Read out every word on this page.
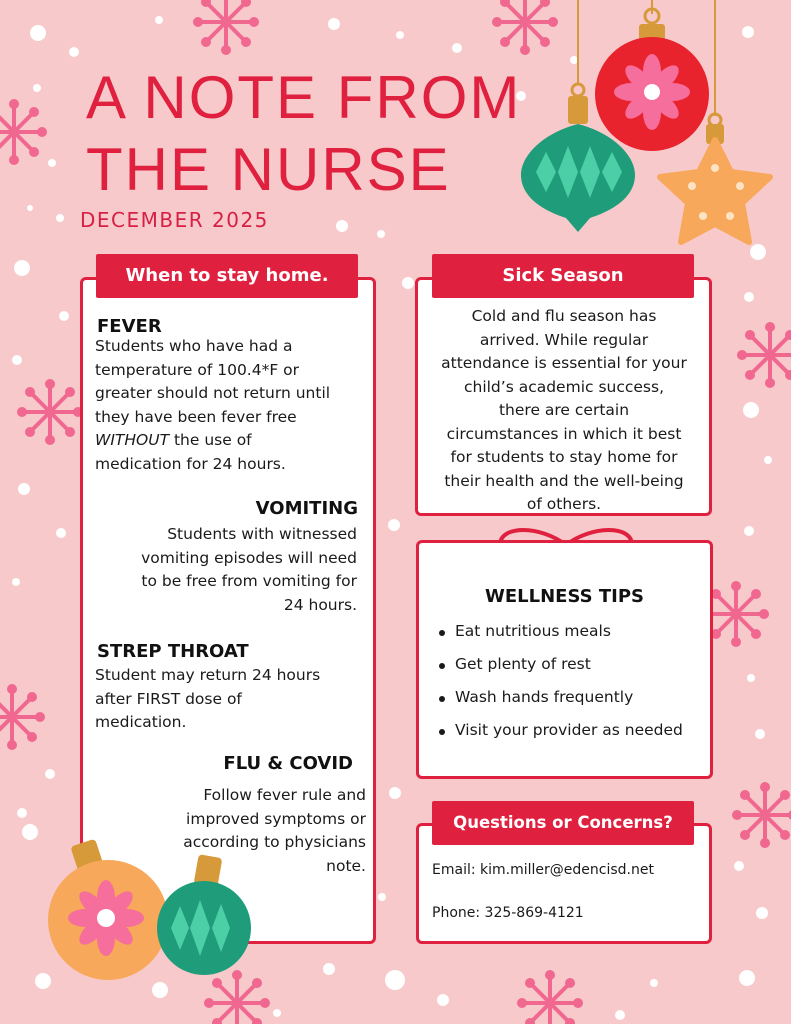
A NOTE FROM
THE NURSE
DECEMBER 2025
When to stay home.
FEVER
Students who have had a
temperature of 100.4*F or
greater should not return until
they have been fever free
WITHOUT the use of
medication for 24 hours.
VOMITING
Students with witnessed
vomiting episodes will need
to be free from vomiting for
24 hours.
STREP THROAT
Student may return 24 hours
after FIRST dose of
medication.
FLU & COVID
Follow fever rule and
improved symptoms or
according to physicians
note.
Sick Season
Cold and flu season has
arrived. While regular
attendance is essential for your
child’s academic success,
there are certain
circumstances in which it best
for students to stay home for
their health and the well-being
of others.
WELLNESS TIPS
Eat nutritious meals
Get plenty of rest
Wash hands frequently
Visit your provider as needed
Questions or Concerns?
Email: kim.miller@edencisd.net
Phone: 325-869-4121
